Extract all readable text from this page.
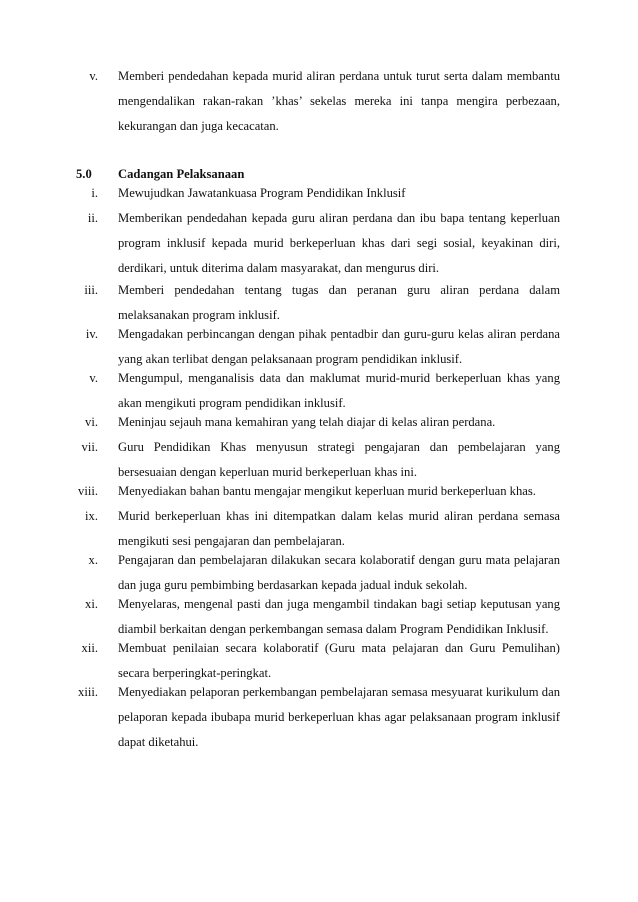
v. Memberi pendedahan kepada murid aliran perdana untuk turut serta dalam membantu mengendalikan rakan-rakan ’khas’ sekelas mereka ini tanpa mengira perbezaan, kekurangan dan juga kecacatan.
5.0 Cadangan Pelaksanaan
i. Mewujudkan Jawatankuasa Program Pendidikan Inklusif
ii. Memberikan pendedahan kepada guru aliran perdana dan ibu bapa tentang keperluan program inklusif kepada murid berkeperluan khas dari segi sosial, keyakinan diri, derdikari, untuk diterima dalam masyarakat, dan mengurus diri.
iii. Memberi pendedahan tentang tugas dan peranan guru aliran perdana dalam melaksanakan program inklusif.
iv. Mengadakan perbincangan dengan pihak pentadbir dan guru-guru kelas aliran perdana yang akan terlibat dengan pelaksanaan program pendidikan inklusif.
v. Mengumpul, menganalisis data dan maklumat murid-murid berkeperluan khas yang akan mengikuti program pendidikan inklusif.
vi. Meninjau sejauh mana kemahiran yang telah diajar di kelas aliran perdana.
vii. Guru Pendidikan Khas menyusun strategi pengajaran dan pembelajaran yang bersesuaian dengan keperluan murid berkeperluan khas ini.
viii. Menyediakan bahan bantu mengajar mengikut keperluan murid berkeperluan khas.
ix. Murid berkeperluan khas ini ditempatkan dalam kelas murid aliran perdana semasa mengikuti sesi pengajaran dan pembelajaran.
x. Pengajaran dan pembelajaran dilakukan secara kolaboratif dengan guru mata pelajaran dan juga guru pembimbing berdasarkan kepada jadual induk sekolah.
xi. Menyelaras, mengenal pasti dan juga mengambil tindakan bagi setiap keputusan yang diambil berkaitan dengan perkembangan semasa dalam Program Pendidikan Inklusif.
xii. Membuat penilaian secara kolaboratif (Guru mata pelajaran dan Guru Pemulihan) secara berperingkat-peringkat.
xiii. Menyediakan pelaporan perkembangan pembelajaran semasa mesyuarat kurikulum dan pelaporan kepada ibubapa murid berkeperluan khas agar pelaksanaan program inklusif dapat diketahui.
